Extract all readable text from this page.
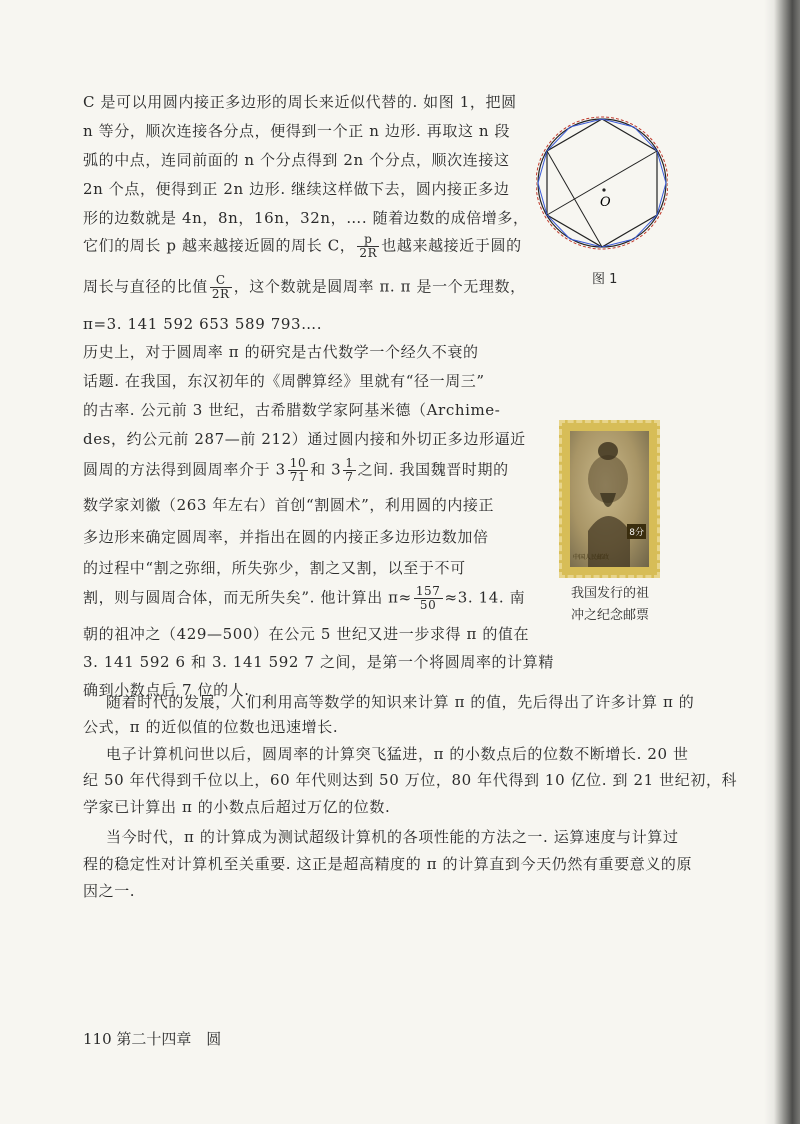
C 是可以用圆内接正多边形的周长来近似代替的. 如图 1，把圆
n 等分，顺次连接各分点，便得到一个正 n 边形. 再取这 n 段
弧的中点，连同前面的 n 个分点得到 2n 个分点，顺次连接这
2n 个点，便得到正 2n 边形. 继续这样做下去，圆内接正多边
形的边数就是 4n，8n，16n，32n，…. 随着边数的成倍增多，
它们的周长 p 越来越接近圆的周长 C， $\frac{p}{2R}$ 也越来越接近于圆的
周长与直径的比值 $\frac{C}{2R}$ ，这个数就是圆周率 π. π 是一个无理数，
π=3. 141 592 653 589 793….
O
图 1
历史上，对于圆周率 π 的研究是古代数学一个经久不衰的
话题. 在我国，东汉初年的《周髀算经》里就有“径一周三”
的古率. 公元前 3 世纪，古希腊数学家阿基米德（Archime-
des，约公元前 287—前 212）通过圆内接和外切正多边形逼近
圆周的方法得到圆周率介于 $3 \frac{10}{71}$ 和 $3 \frac{1}{7}$ 之间. 我国魏晋时期的
数学家刘徽（263 年左右）首创“割圆术”，利用圆的内接正
多边形来确定圆周率，并指出在圆的内接正多边形边数加倍
的过程中“割之弥细，所失弥少，割之又割，以至于不可
割，则与圆周合体，而无所失矣”. 他计算出 $\pi\approx \frac{157}{50} \approx 3$. 14. 南
朝的祖冲之（429—500）在公元 5 世纪又进一步求得 π 的值在
3. 141 592 6 和 3. 141 592 7 之间，是第一个将圆周率的计算精
确到小数点后 7 位的人.
8分
中国人民邮政
我国发行的祖
冲之纪念邮票
随着时代的发展，人们利用高等数学的知识来计算 π 的值，先后得出了许多计算 π 的
公式，π 的近似值的位数也迅速增长.
电子计算机问世以后，圆周率的计算突飞猛进，π 的小数点后的位数不断增长. 20 世
纪 50 年代得到千位以上，60 年代则达到 50 万位，80 年代得到 10 亿位. 到 21 世纪初，科
学家已计算出 π 的小数点后超过万亿的位数.
当今时代，π 的计算成为测试超级计算机的各项性能的方法之一. 运算速度与计算过
程的稳定性对计算机至关重要. 这正是超高精度的 π 的计算直到今天仍然有重要意义的原
因之一.
110 第二十四章 圆
